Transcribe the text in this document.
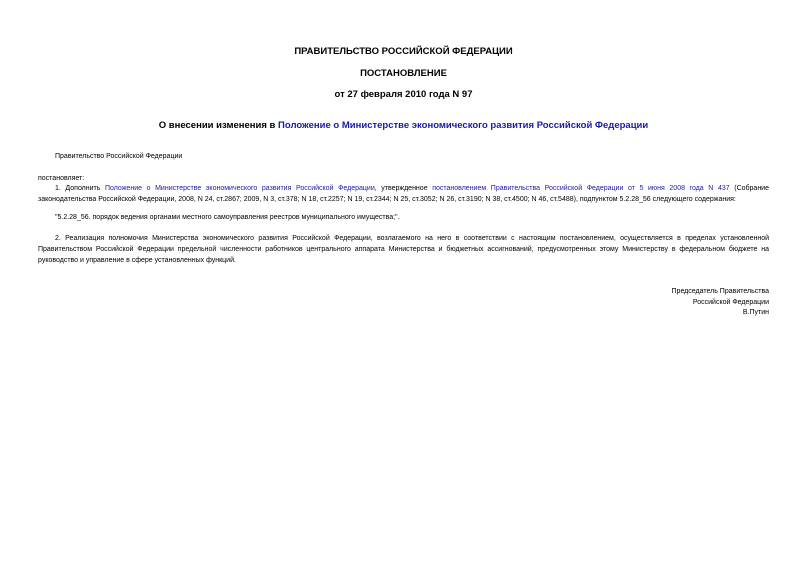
ПРАВИТЕЛЬСТВО РОССИЙСКОЙ ФЕДЕРАЦИИ
ПОСТАНОВЛЕНИЕ
от 27 февраля 2010 года N 97
О внесении изменения в Положение о Министерстве экономического развития Российской Федерации
Правительство Российской Федерации
постановляет:
1. Дополнить Положение о Министерстве экономического развития Российской Федерации, утвержденное постановлением Правительства Российской Федерации от 5 июня 2008 года N 437 (Собрание законодательства Российской Федерации, 2008, N 24, ст.2867; 2009, N 3, ст.378; N 18, ст.2257; N 19, ст.2344; N 25, ст.3052; N 26, ст.3190; N 38, ст.4500; N 46, ст.5488), подпунктом 5.2.28_56 следующего содержания:
"5.2.28_56. порядок ведения органами местного самоуправления реестров муниципального имущества;".
2. Реализация полномочия Министерства экономического развития Российской Федерации, возлагаемого на него в соответствии с настоящим постановлением, осуществляется в пределах установленной Правительством Российской Федерации предельной численности работников центрального аппарата Министерства и бюджетных ассигнований, предусмотренных этому Министерству в федеральном бюджете на руководство и управление в сфере установленных функций.
Председатель Правительства
Российской Федерации
В.Путин
